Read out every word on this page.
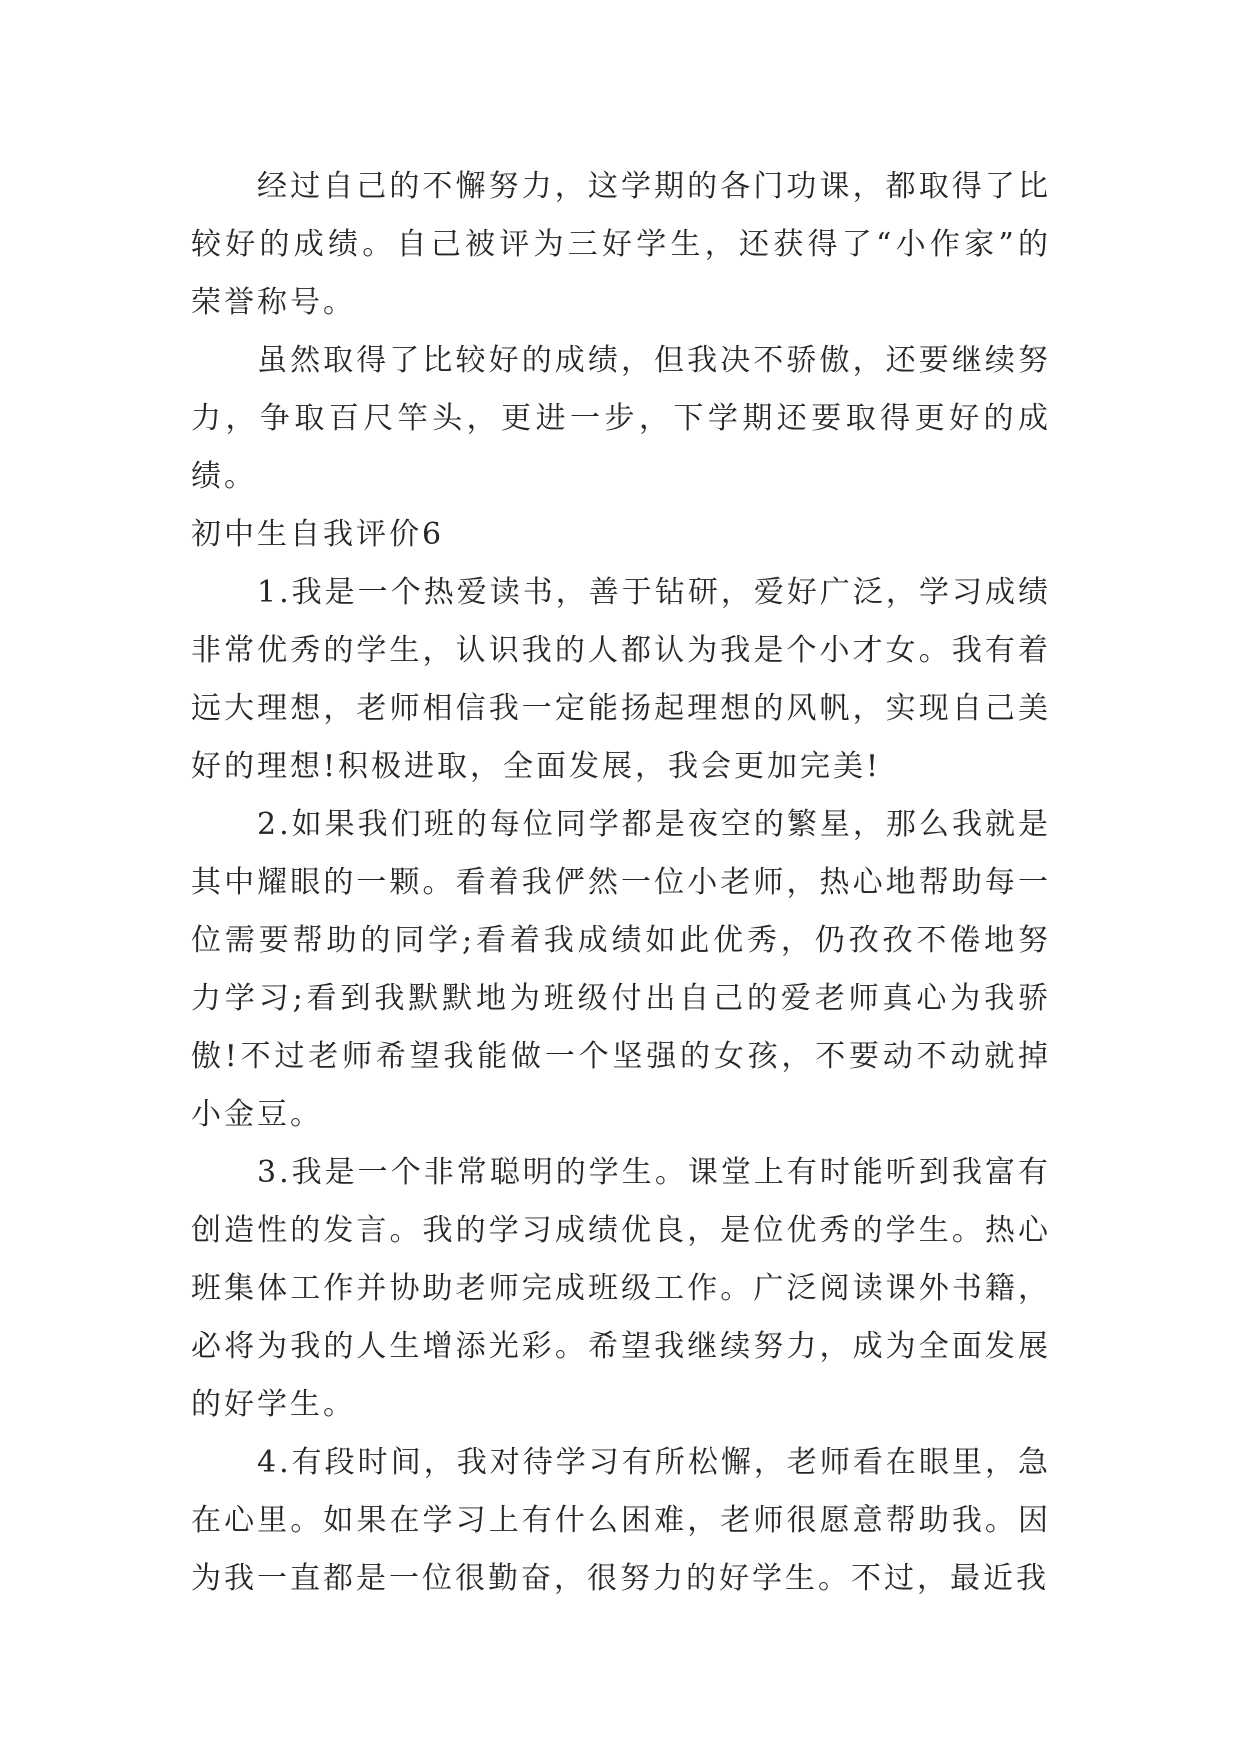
经过自己的不懈努力，这学期的各门功课，都取得了比较好的成绩。自己被评为三好学生，还获得了“小作家”的荣誉称号。

虽然取得了比较好的成绩，但我决不骄傲，还要继续努力，争取百尺竿头，更进一步，下学期还要取得更好的成绩。

初中生自我评价6

1.我是一个热爱读书，善于钻研，爱好广泛，学习成绩非常优秀的学生，认识我的人都认为我是个小才女。我有着远大理想，老师相信我一定能扬起理想的风帆，实现自己美好的理想!积极进取，全面发展，我会更加完美!

2.如果我们班的每位同学都是夜空的繁星，那么我就是其中耀眼的一颗。看着我俨然一位小老师，热心地帮助每一位需要帮助的同学;看着我成绩如此优秀，仍孜孜不倦地努力学习;看到我默默地为班级付出自己的爱老师真心为我骄傲!不过老师希望我能做一个坚强的女孩，不要动不动就掉小金豆。

3.我是一个非常聪明的学生。课堂上有时能听到我富有创造性的发言。我的学习成绩优良，是位优秀的学生。热心班集体工作并协助老师完成班级工作。广泛阅读课外书籍，必将为我的人生增添光彩。希望我继续努力，成为全面发展的好学生。

4.有段时间，我对待学习有所松懈，老师看在眼里，急在心里。如果在学习上有什么困难，老师很愿意帮助我。因为我一直都是一位很勤奋，很努力的好学生。不过，最近我
